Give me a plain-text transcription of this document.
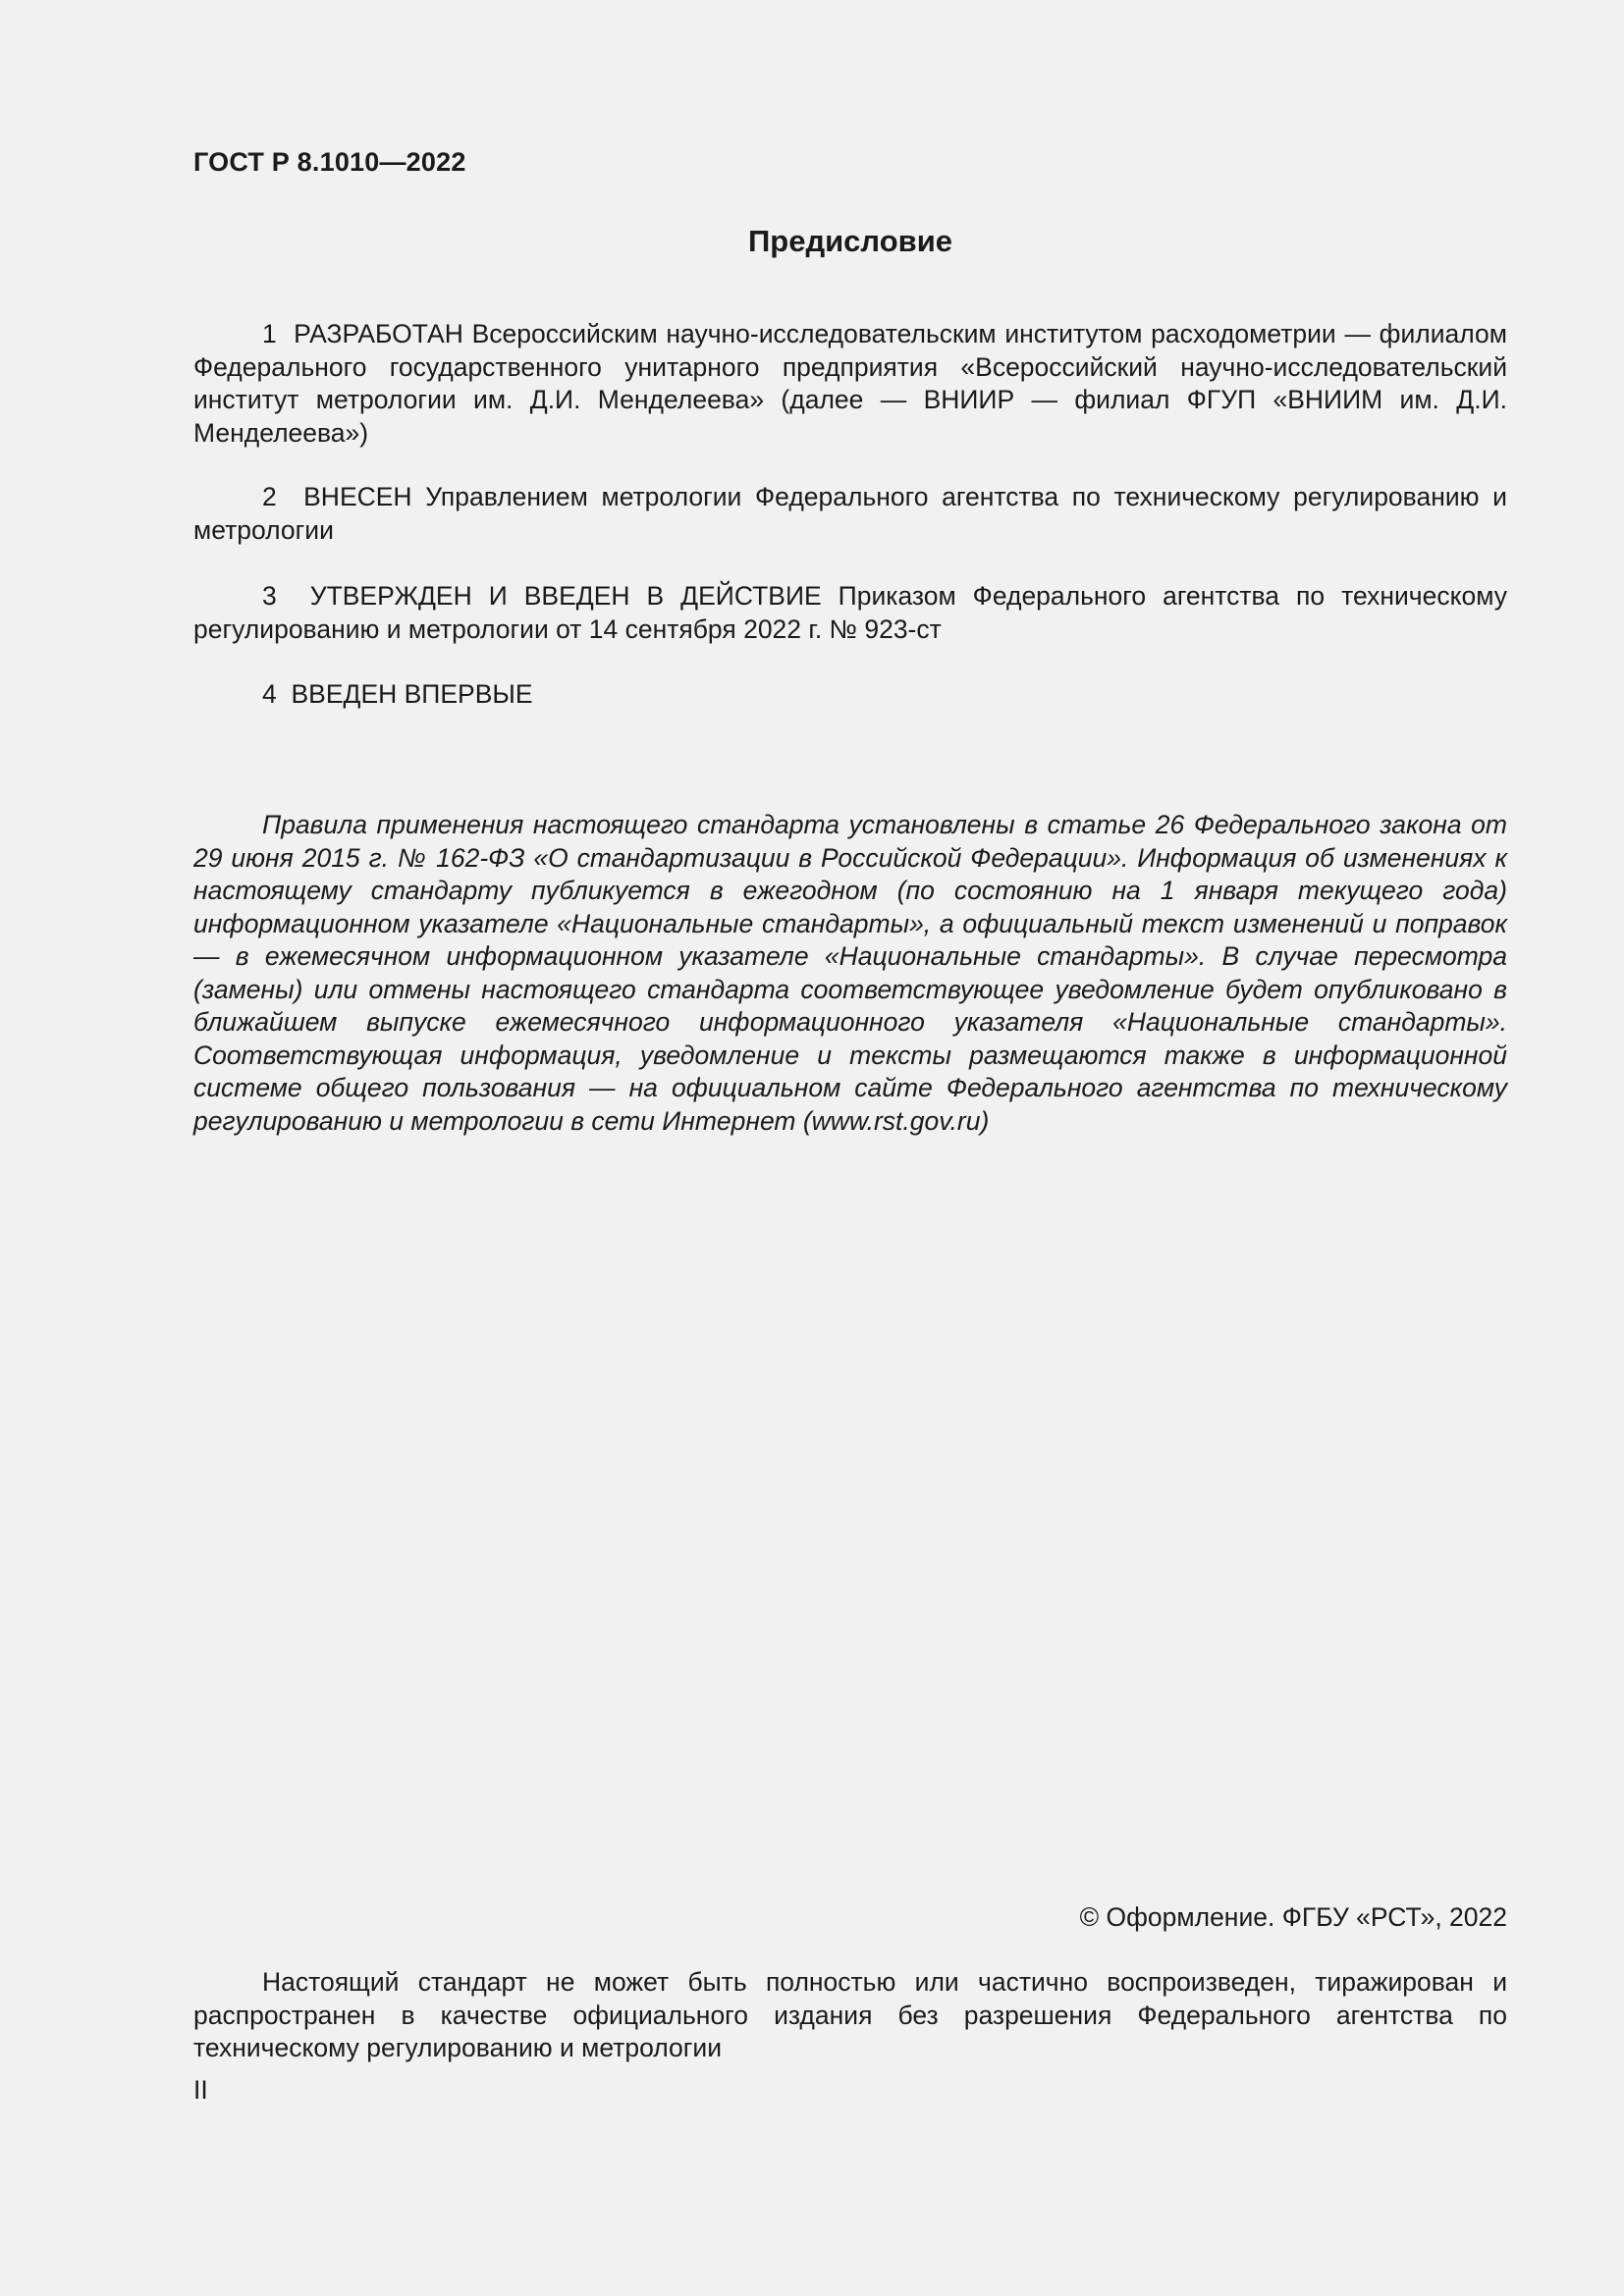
ГОСТ Р 8.1010—2022
Предисловие

1 РАЗРАБОТАН Всероссийским научно-исследовательским институтом расходометрии — филиалом Федерального государственного унитарного предприятия «Всероссийский научно-исследовательский институт метрологии им. Д.И. Менделеева» (далее — ВНИИР — филиал ФГУП «ВНИИМ им. Д.И. Менделеева»)

2 ВНЕСЕН Управлением метрологии Федерального агентства по техническому регулированию и метрологии

3 УТВЕРЖДЕН И ВВЕДЕН В ДЕЙСТВИЕ Приказом Федерального агентства по техническому регулированию и метрологии от 14 сентября 2022 г. № 923-ст

4 ВВЕДЕН ВПЕРВЫЕ

Правила применения настоящего стандарта установлены в статье 26 Федерального закона от 29 июня 2015 г. № 162-ФЗ «О стандартизации в Российской Федерации». Информация об изменениях к настоящему стандарту публикуется в ежегодном (по состоянию на 1 января текущего года) информационном указателе «Национальные стандарты», а официальный текст изменений и поправок — в ежемесячном информационном указателе «Национальные стандарты». В случае пересмотра (замены) или отмены настоящего стандарта соответствующее уведомление будет опубликовано в ближайшем выпуске ежемесячного информационного указателя «Национальные стандарты». Соответствующая информация, уведомление и тексты размещаются также в информационной системе общего пользования — на официальном сайте Федерального агентства по техническому регулированию и метрологии в сети Интернет (www.rst.gov.ru)

© Оформление. ФГБУ «РСТ», 2022

Настоящий стандарт не может быть полностью или частично воспроизведен, тиражирован и распространен в качестве официального издания без разрешения Федерального агентства по техническому регулированию и метрологии

II
